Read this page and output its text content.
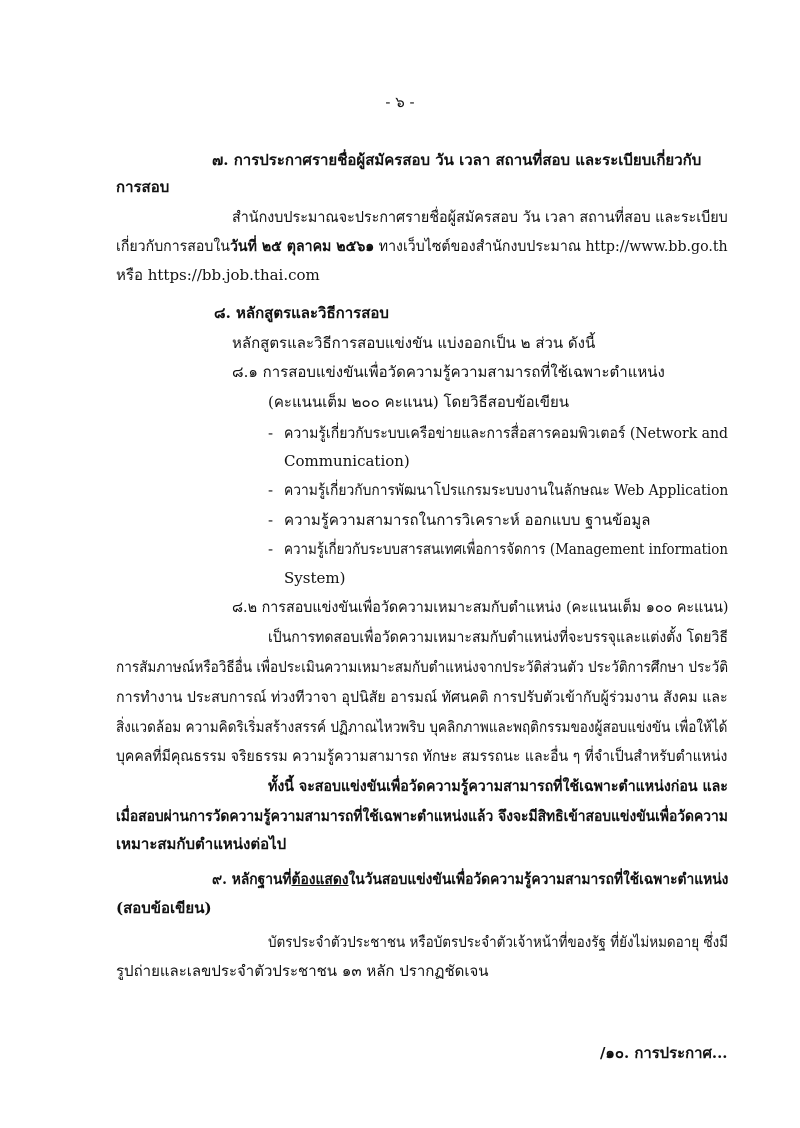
- ๖ -
๗. การประกาศรายชื่อผู้สมัครสอบ วัน เวลา สถานที่สอบ และระเบียบเกี่ยวกับ
การสอบ
สำนักงบประมาณจะประกาศรายชื่อผู้สมัครสอบ วัน เวลา สถานที่สอบ และระเบียบ
เกี่ยวกับการสอบในวันที่ ๒๕ ตุลาคม ๒๕๖๑ ทางเว็บไซต์ของสำนักงบประมาณ http://www.bb.go.th
หรือ https://bb.job.thai.com
๘. หลักสูตรและวิธีการสอบ
หลักสูตรและวิธีการสอบแข่งขัน แบ่งออกเป็น ๒ ส่วน ดังนี้
๘.๑ การสอบแข่งขันเพื่อวัดความรู้ความสามารถที่ใช้เฉพาะตำแหน่ง
(คะแนนเต็ม ๒๐๐ คะแนน) โดยวิธีสอบข้อเขียน
- ความรู้เกี่ยวกับระบบเครือข่ายและการสื่อสารคอมพิวเตอร์ (Network and
Communication)
- ความรู้เกี่ยวกับการพัฒนาโปรแกรมระบบงานในลักษณะ Web Application
- ความรู้ความสามารถในการวิเคราะห์ ออกแบบ ฐานข้อมูล
- ความรู้เกี่ยวกับระบบสารสนเทศเพื่อการจัดการ (Management information
System)
๘.๒ การสอบแข่งขันเพื่อวัดความเหมาะสมกับตำแหน่ง (คะแนนเต็ม ๑๐๐ คะแนน)
เป็นการทดสอบเพื่อวัดความเหมาะสมกับตำแหน่งที่จะบรรจุและแต่งตั้ง โดยวิธี
การสัมภาษณ์หรือวิธีอื่น เพื่อประเมินความเหมาะสมกับตำแหน่งจากประวัติส่วนตัว ประวัติการศึกษา ประวัติ
การทำงาน ประสบการณ์ ท่วงทีวาจา อุปนิสัย อารมณ์ ทัศนคติ การปรับตัวเข้ากับผู้ร่วมงาน สังคม และ
สิ่งแวดล้อม ความคิดริเริ่มสร้างสรรค์ ปฏิภาณไหวพริบ บุคลิกภาพและพฤติกรรมของผู้สอบแข่งขัน เพื่อให้ได้
บุคคลที่มีคุณธรรม จริยธรรม ความรู้ความสามารถ ทักษะ สมรรถนะ และอื่น ๆ ที่จำเป็นสำหรับตำแหน่ง
ทั้งนี้ จะสอบแข่งขันเพื่อวัดความรู้ความสามารถที่ใช้เฉพาะตำแหน่งก่อน และ
เมื่อสอบผ่านการวัดความรู้ความสามารถที่ใช้เฉพาะตำแหน่งแล้ว จึงจะมีสิทธิเข้าสอบแข่งขันเพื่อวัดความ
เหมาะสมกับตำแหน่งต่อไป
๙. หลักฐานที่ต้องแสดงในวันสอบแข่งขันเพื่อวัดความรู้ความสามารถที่ใช้เฉพาะตำแหน่ง
(สอบข้อเขียน)
บัตรประจำตัวประชาชน หรือบัตรประจำตัวเจ้าหน้าที่ของรัฐ ที่ยังไม่หมดอายุ ซึ่งมี
รูปถ่ายและเลขประจำตัวประชาชน ๑๓ หลัก ปรากฏชัดเจน
/๑๐. การประกาศ...
